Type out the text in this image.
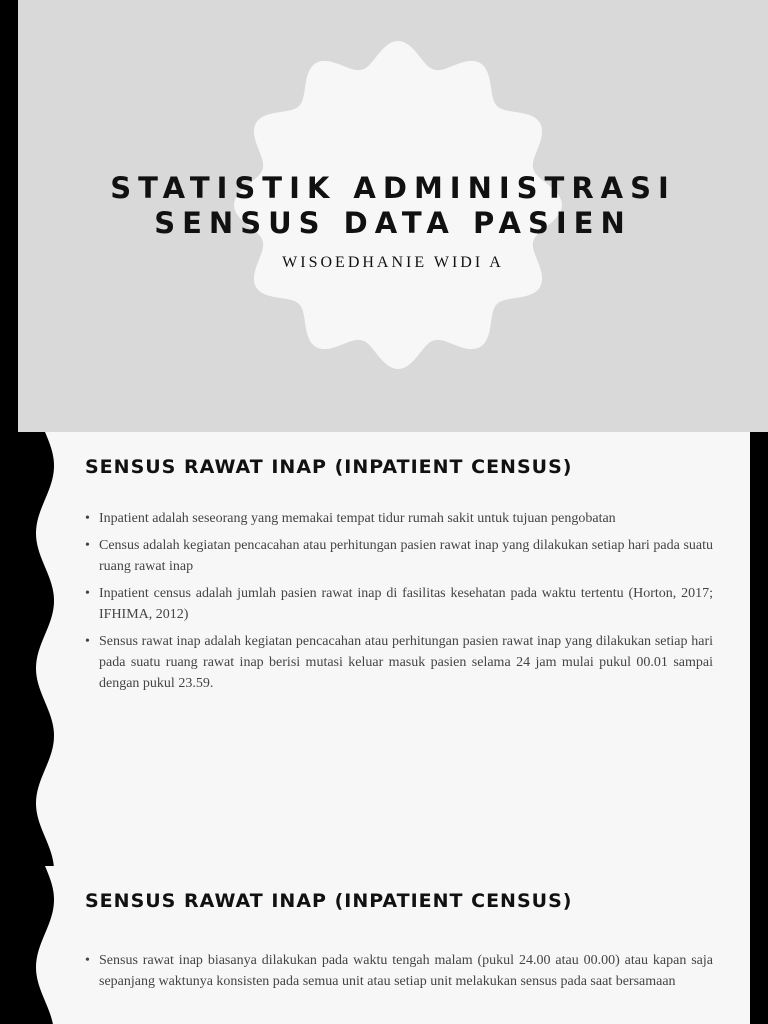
STATISTIK ADMINISTRASI
SENSUS DATA PASIEN
WISOEDHANIE WIDI A
SENSUS RAWAT INAP (INPATIENT CENSUS)
• Inpatient adalah seseorang yang memakai tempat tidur rumah sakit untuk tujuan pengobatan
• Census adalah kegiatan pencacahan atau perhitungan pasien rawat inap yang dilakukan setiap hari pada suatu ruang rawat inap
• Inpatient census adalah jumlah pasien rawat inap di fasilitas kesehatan pada waktu tertentu (Horton, 2017; IFHIMA, 2012)
• Sensus rawat inap adalah kegiatan pencacahan atau perhitungan pasien rawat inap yang dilakukan setiap hari pada suatu ruang rawat inap berisi mutasi keluar masuk pasien selama 24 jam mulai pukul 00.01 sampai dengan pukul 23.59.
SENSUS RAWAT INAP (INPATIENT CENSUS)
• Sensus rawat inap biasanya dilakukan pada waktu tengah malam (pukul 24.00 atau 00.00) atau kapan saja sepanjang waktunya konsisten pada semua unit atau setiap unit melakukan sensus pada saat bersamaan
